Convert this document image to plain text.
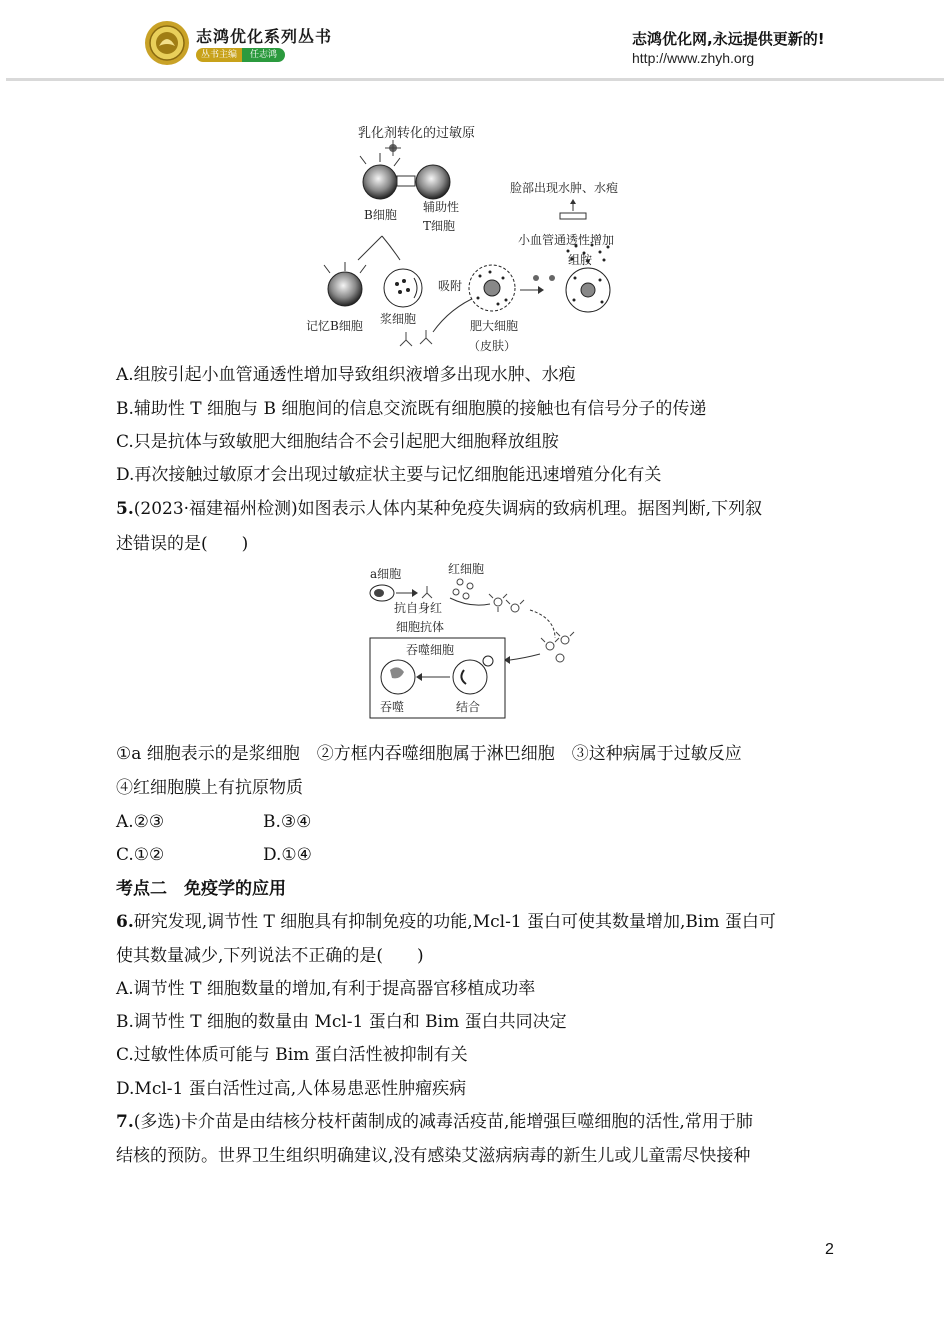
志鸿优化系列丛书
丛书主编	任志鸿
志鸿优化网,永远提供更新的!
http://www.zhyh.org
乳化剂转化的过敏原
B细胞
辅助性
T细胞
记忆B细胞 浆细胞
吸附
肥大细胞
（皮肤）
组胺
小血管通透性增加
脸部出现水肿、水疱
A.组胺引起小血管通透性增加导致组织液增多出现水肿、水疱
B.辅助性 T 细胞与 B 细胞间的信息交流既有细胞膜的接触也有信号分子的传递
C.只是抗体与致敏肥大细胞结合不会引起肥大细胞释放组胺
D.再次接触过敏原才会出现过敏症状主要与记忆细胞能迅速增殖分化有关
5.(2023·福建福州检测)如图表示人体内某种免疫失调病的致病机理。据图判断,下列叙
述错误的是(　　)
a细胞
抗自身红
细胞抗体
红细胞
吞噬细胞
吞噬	结合
①a 细胞表示的是浆细胞　②方框内吞噬细胞属于淋巴细胞　③这种病属于过敏反应
④红细胞膜上有抗原物质
A.②③	B.③④
C.①②	D.①④
考点二　免疫学的应用
6.研究发现,调节性 T 细胞具有抑制免疫的功能,Mcl-1 蛋白可使其数量增加,Bim 蛋白可
使其数量减少,下列说法不正确的是(　　)
A.调节性 T 细胞数量的增加,有利于提高器官移植成功率
B.调节性 T 细胞的数量由 Mcl-1 蛋白和 Bim 蛋白共同决定
C.过敏性体质可能与 Bim 蛋白活性被抑制有关
D.Mcl-1 蛋白活性过高,人体易患恶性肿瘤疾病
7.(多选)卡介苗是由结核分枝杆菌制成的减毒活疫苗,能增强巨噬细胞的活性,常用于肺
结核的预防。世界卫生组织明确建议,没有感染艾滋病病毒的新生儿或儿童需尽快接种
2
